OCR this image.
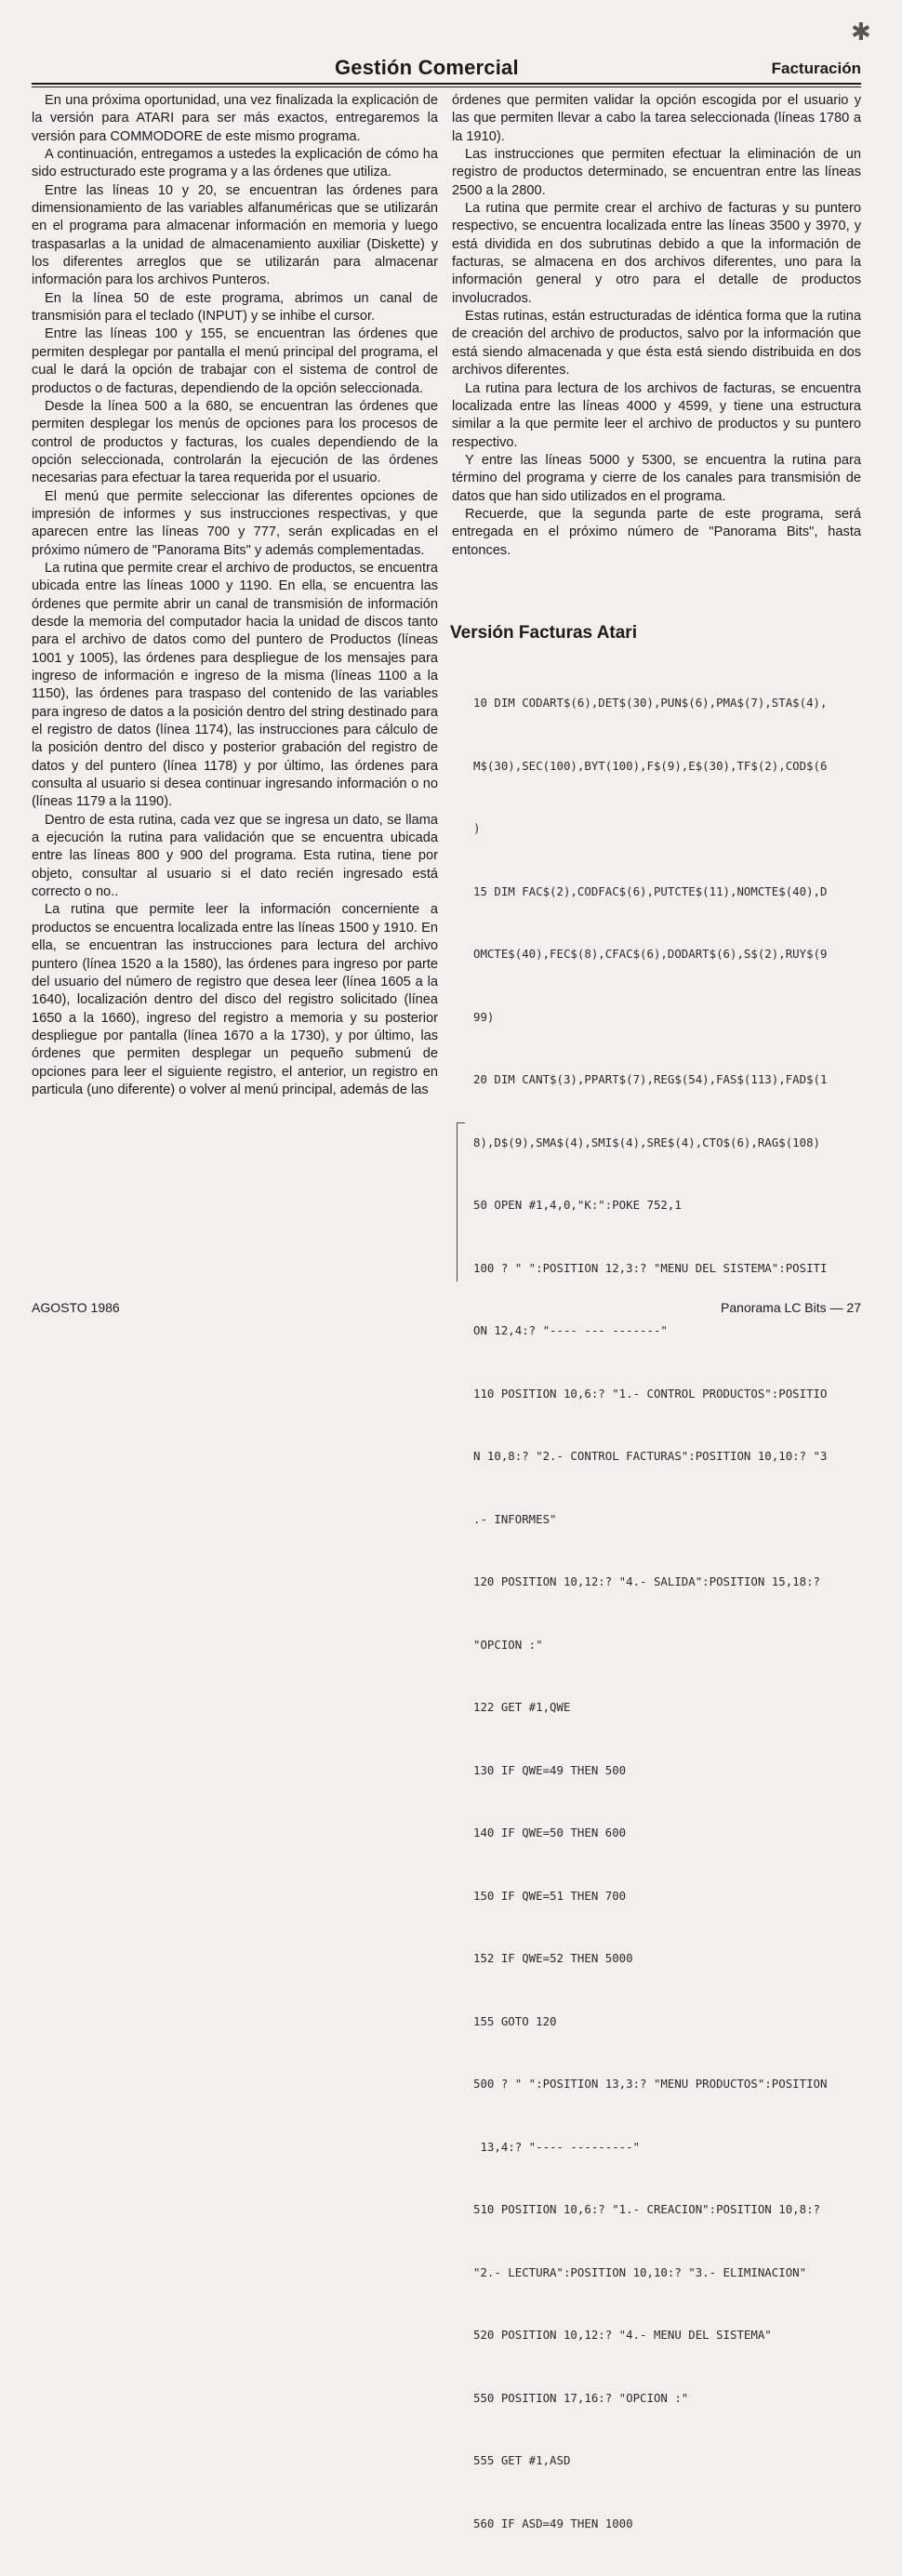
✱
Gestión Comercial	Facturación

En una próxima oportunidad, una vez finalizada la explicación de la versión para ATARI para ser más exactos, entregaremos la versión para COMMODORE de este mismo programa.

A continuación, entregamos a ustedes la explicación de cómo ha sido estructurado este programa y a las órdenes que utiliza.

Entre las líneas 10 y 20, se encuentran las órdenes para dimensionamiento de las variables alfanuméricas que se utilizarán en el programa para almacenar información en memoria y luego traspasarlas a la unidad de almacenamiento auxiliar (Diskette) y los diferentes arreglos que se utilizarán para almacenar información para los archivos Punteros.

En la línea 50 de este programa, abrimos un canal de transmisión para el teclado (INPUT) y se inhibe el cursor.

Entre las líneas 100 y 155, se encuentran las órdenes que permiten desplegar por pantalla el menú principal del programa, el cual le dará la opción de trabajar con el sistema de control de productos o de facturas, dependiendo de la opción seleccionada.

Desde la línea 500 a la 680, se encuentran las órdenes que permiten desplegar los menús de opciones para los procesos de control de productos y facturas, los cuales dependiendo de la opción seleccionada, controlarán la ejecución de las órdenes necesarias para efectuar la tarea requerida por el usuario.

El menú que permite seleccionar las diferentes opciones de impresión de informes y sus instrucciones respectivas, y que aparecen entre las líneas 700 y 777, serán explicadas en el próximo número de "Panorama Bits" y además complementadas.

La rutina que permite crear el archivo de productos, se encuentra ubicada entre las líneas 1000 y 1190. En ella, se encuentra las órdenes que permite abrir un canal de transmisión de información desde la memoria del computador hacia la unidad de discos tanto para el archivo de datos como del puntero de Productos (líneas 1001 y 1005), las órdenes para despliegue de los mensajes para ingreso de información e ingreso de la misma (líneas 1100 a la 1150), las órdenes para traspaso del contenido de las variables para ingreso de datos a la posición dentro del string destinado para el registro de datos (línea 1174), las instrucciones para cálculo de la posición dentro del disco y posterior grabación del registro de datos y del puntero (línea 1178) y por último, las órdenes para consulta al usuario si desea continuar ingresando información o no (líneas 1179 a la 1190).

Dentro de esta rutina, cada vez que se ingresa un dato, se llama a ejecución la rutina para validación que se encuentra ubicada entre las líneas 800 y 900 del programa. Esta rutina, tiene por objeto, consultar al usuario si el dato recién ingresado está correcto o no..

La rutina que permite leer la información concerniente a productos se encuentra localizada entre las líneas 1500 y 1910. En ella, se encuentran las instrucciones para lectura del archivo puntero (línea 1520 a la 1580), las órdenes para ingreso por parte del usuario del número de registro que desea leer (línea 1605 a la 1640), localización dentro del disco del registro solicitado (línea 1650 a la 1660), ingreso del registro a memoria y su posterior despliegue por pantalla (línea 1670 a la 1730), y por último, las órdenes que permiten desplegar un pequeño submenú de opciones para leer el siguiente registro, el anterior, un registro en particula (uno diferente) o volver al menú principal, además de las

órdenes que permiten validar la opción escogida por el usuario y las que permiten llevar a cabo la tarea seleccionada (líneas 1780 a la 1910).

Las instrucciones que permiten efectuar la eliminación de un registro de productos determinado, se encuentran entre las líneas 2500 a la 2800.

La rutina que permite crear el archivo de facturas y su puntero respectivo, se encuentra localizada entre las líneas 3500 y 3970, y está dividida en dos subrutinas debido a que la información de facturas, se almacena en dos archivos diferentes, uno para la información general y otro para el detalle de productos involucrados.

Estas rutinas, están estructuradas de idéntica forma que la rutina de creación del archivo de productos, salvo por la información que está siendo almacenada y que ésta está siendo distribuida en dos archivos diferentes.

La rutina para lectura de los archivos de facturas, se encuentra localizada entre las líneas 4000 y 4599, y tiene una estructura similar a la que permite leer el archivo de productos y su puntero respectivo.

Y entre las líneas 5000 y 5300, se encuentra la rutina para término del programa y cierre de los canales para transmisión de datos que han sido utilizados en el programa.

Recuerde, que la segunda parte de este programa, será entregada en el próximo número de "Panorama Bits", hasta entonces.

Versión Facturas Atari

10 DIM CODART$(6),DET$(30),PUN$(6),PMA$(7),STA$(4),

M$(30),SEC(100),BYT(100),F$(9),E$(30),TF$(2),COD$(6

)

15 DIM FAC$(2),CODFAC$(6),PUTCTE$(11),NOMCTE$(40),D

OMCTE$(40),FEC$(8),CFAC$(6),DODART$(6),S$(2),RUY$(9

99)

20 DIM CANT$(3),PPART$(7),REG$(54),FAS$(113),FAD$(1

8),D$(9),SMA$(4),SMI$(4),SRE$(4),CTO$(6),RAG$(108)

50 OPEN #1,4,0,"K:":POKE 752,1

100 ? " ":POSITION 12,3:? "MENU DEL SISTEMA":POSITI

ON 12,4:? "---- --- -------"

110 POSITION 10,6:? "1.- CONTROL PRODUCTOS":POSITIO

N 10,8:? "2.- CONTROL FACTURAS":POSITION 10,10:? "3

.- INFORMES"

120 POSITION 10,12:? "4.- SALIDA":POSITION 15,18:?

"OPCION :"

122 GET #1,QWE

130 IF QWE=49 THEN 500

140 IF QWE=50 THEN 600

150 IF QWE=51 THEN 700

152 IF QWE=52 THEN 5000

155 GOTO 120

500 ? " ":POSITION 13,3:? "MENU PRODUCTOS":POSITION

13,4:? "---- ---------"

510 POSITION 10,6:? "1.- CREACION":POSITION 10,8:?

"2.- LECTURA":POSITION 10,10:? "3.- ELIMINACION"

520 POSITION 10,12:? "4.- MENU DEL SISTEMA"

550 POSITION 17,16:? "OPCION :"

555 GET #1,ASD

560 IF ASD=49 THEN 1000

AGOSTO 1986	Panorama LC Bits — 27
